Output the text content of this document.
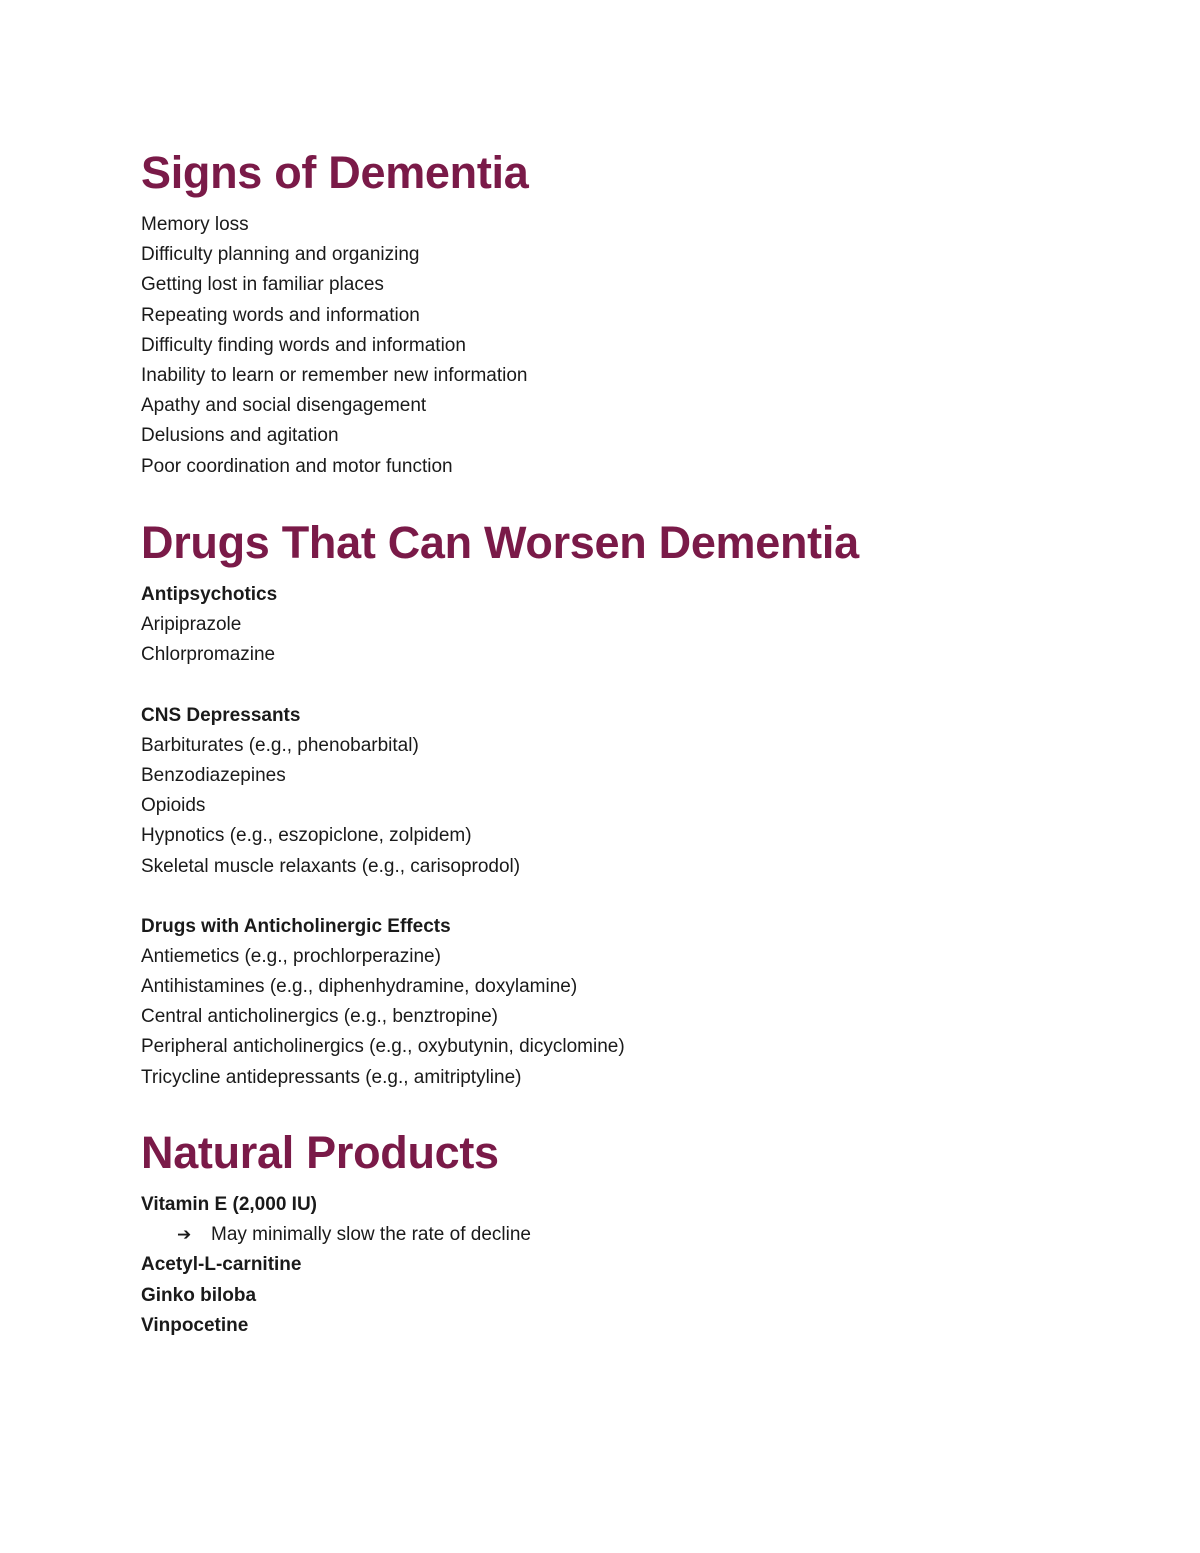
Signs of Dementia
Memory loss
Difficulty planning and organizing
Getting lost in familiar places
Repeating words and information
Difficulty finding words and information
Inability to learn or remember new information
Apathy and social disengagement
Delusions and agitation
Poor coordination and motor function
Drugs That Can Worsen Dementia
Antipsychotics
Aripiprazole
Chlorpromazine
CNS Depressants
Barbiturates (e.g., phenobarbital)
Benzodiazepines
Opioids
Hypnotics (e.g., eszopiclone, zolpidem)
Skeletal muscle relaxants (e.g., carisoprodol)
Drugs with Anticholinergic Effects
Antiemetics (e.g., prochlorperazine)
Antihistamines (e.g., diphenhydramine, doxylamine)
Central anticholinergics (e.g., benztropine)
Peripheral anticholinergics (e.g., oxybutynin, dicyclomine)
Tricycline antidepressants (e.g., amitriptyline)
Natural Products
Vitamin E (2,000 IU)
➔ May minimally slow the rate of decline
Acetyl-L-carnitine
Ginko biloba
Vinpocetine
